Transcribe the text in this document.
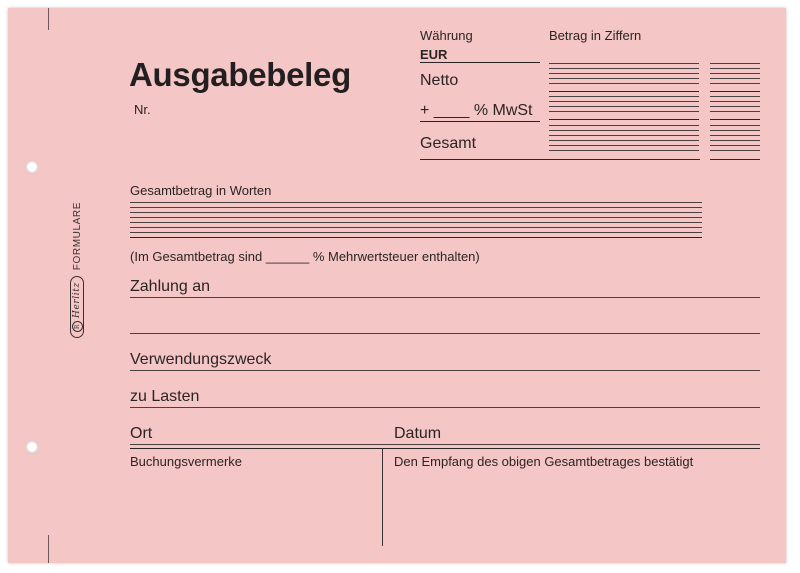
RHerlitz
FORMULARE
Ausgabebeleg
Nr.
Währung
EUR
Betrag in Ziffern
Netto
+ ____ % MwSt
Gesamt
Gesamtbetrag in Worten
(Im Gesamtbetrag sind ______ % Mehrwertsteuer enthalten)
Zahlung an
Verwendungszweck
zu Lasten
Ort	Datum
Buchungsvermerke	Den Empfang des obigen Gesamtbetrages bestätigt
